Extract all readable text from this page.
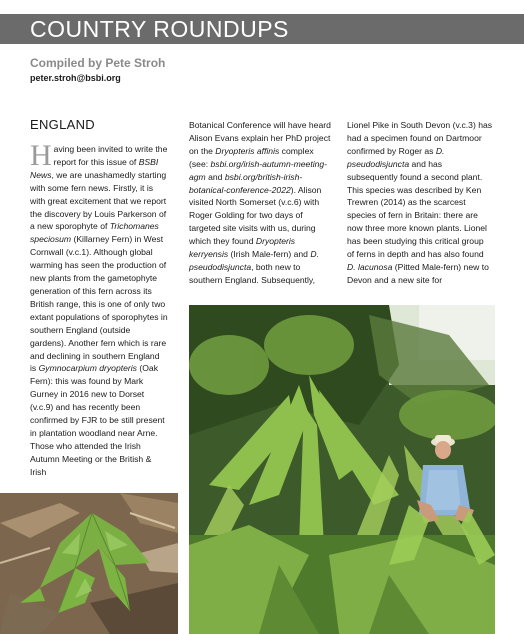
COUNTRY ROUNDUPS
Compiled by Pete Stroh
peter.stroh@bsbi.org
ENGLAND

Having been invited to write the report for this issue of BSBI News, we are unashamedly starting with some fern news. Firstly, it is with great excitement that we report the discovery by Louis Parkerson of a new sporophyte of Trichomanes speciosum (Killarney Fern) in West Cornwall (v.c.1). Although global warming has seen the production of new plants from the gametophyte generation of this fern across its British range, this is one of only two extant populations of sporophytes in southern England (outside gardens). Another fern which is rare and declining in southern England is Gymnocarpium dryopteris (Oak Fern): this was found by Mark Gurney in 2016 new to Dorset (v.c.9) and has recently been confirmed by FJR to be still present in plantation woodland near Arne. Those who attended the Irish Autumn Meeting or the British & Irish

Botanical Conference will have heard Alison Evans explain her PhD project on the Dryopteris affinis complex (see: bsbi.org/irish-autumn-meeting-agm and bsbi.org/british-irish-botanical-conference-2022). Alison visited North Somerset (v.c.6) with Roger Golding for two days of targeted site visits with us, during which they found Dryopteris kerryensis (Irish Male-fern) and D. pseudodisjuncta, both new to southern England. Subsequently,

Lionel Pike in South Devon (v.c.3) has had a specimen found on Dartmoor confirmed by Roger as D. pseudodisjuncta and has subsequently found a second plant. This species was described by Ken Trewren (2014) as the scarcest species of fern in Britain: there are now three more known plants. Lionel has been studying this critical group of ferns in depth and has also found D. lacunosa (Pitted Male-fern) new to Devon and a new site for
